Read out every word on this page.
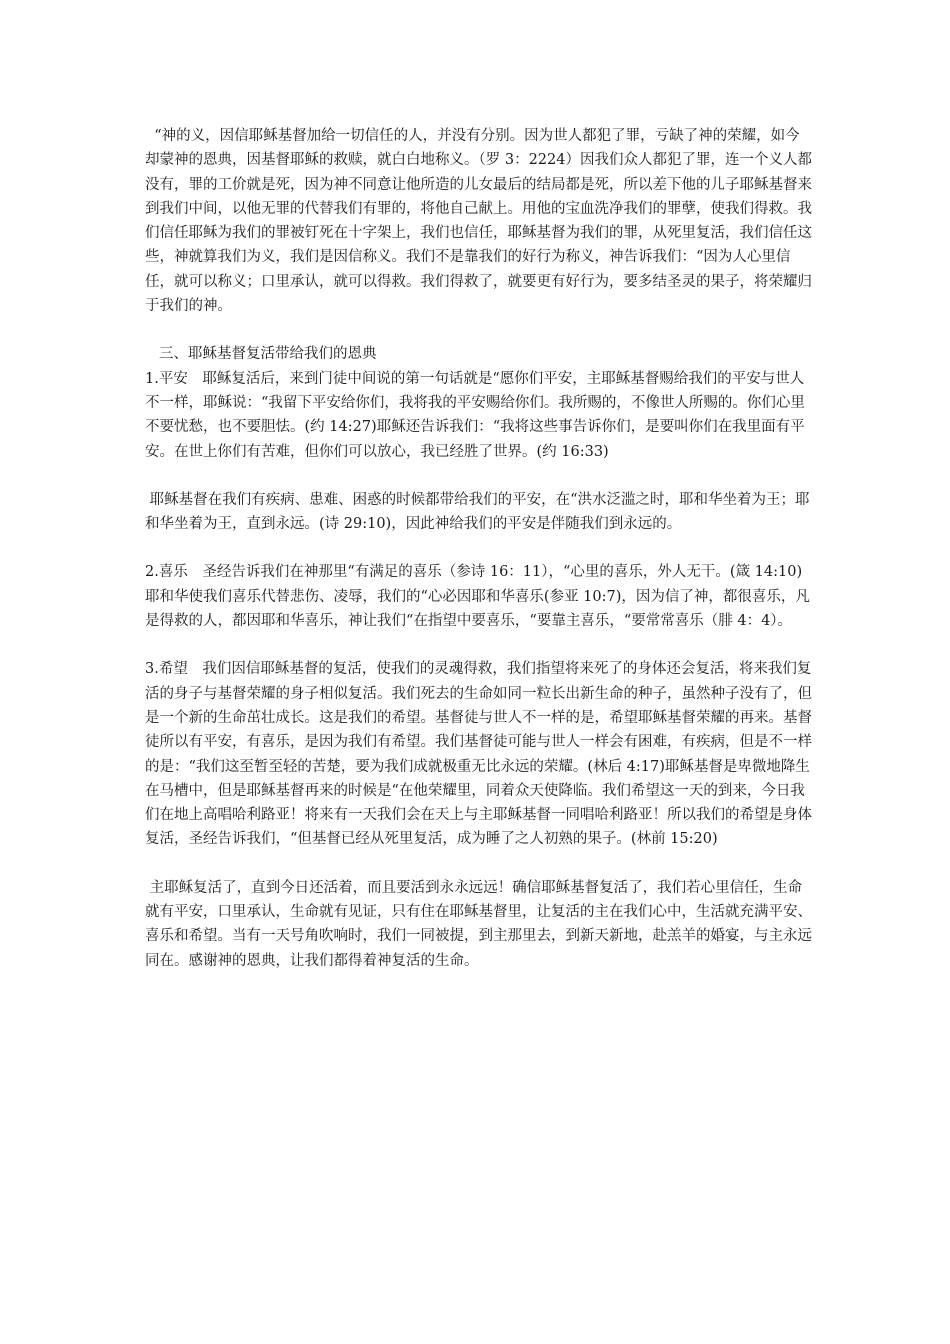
“神的义，因信耶稣基督加给一切信任的人，并没有分别。因为世人都犯了罪，亏缺了神的荣耀，如今却蒙神的恩典，因基督耶稣的救赎，就白白地称义。（罗 3：2224）因我们众人都犯了罪，连一个义人都没有，罪的工价就是死，因为神不同意让他所造的儿女最后的结局都是死，所以差下他的儿子耶稣基督来到我们中间，以他无罪的代替我们有罪的，将他自己献上。用他的宝血洗净我们的罪孽，使我们得救。我们信任耶稣为我们的罪被钉死在十字架上，我们也信任，耶稣基督为我们的罪，从死里复活，我们信任这些，神就算我们为义，我们是因信称义。我们不是靠我们的好行为称义，神告诉我们：“因为人心里信任，就可以称义；口里承认，就可以得救。我们得救了，就要更有好行为，要多结圣灵的果子，将荣耀归于我们的神。

三、耶稣基督复活带给我们的恩典

1.平安　耶稣复活后，来到门徒中间说的第一句话就是“愿你们平安，主耶稣基督赐给我们的平安与世人不一样，耶稣说：“我留下平安给你们，我将我的平安赐给你们。我所赐的，不像世人所赐的。你们心里不要忧愁，也不要胆怯。(约 14:27)耶稣还告诉我们：“我将这些事告诉你们，是要叫你们在我里面有平安。在世上你们有苦难，但你们可以放心，我已经胜了世界。(约 16:33)

耶稣基督在我们有疾病、患难、困惑的时候都带给我们的平安，在“洪水泛滥之时，耶和华坐着为王；耶和华坐着为王，直到永远。(诗 29:10)，因此神给我们的平安是伴随我们到永远的。

2.喜乐　圣经告诉我们在神那里“有满足的喜乐（参诗 16：11），“心里的喜乐，外人无干。(箴 14:10)耶和华使我们喜乐代替悲伤、凌辱，我们的“心必因耶和华喜乐(参亚 10:7)，因为信了神，都很喜乐，凡是得救的人，都因耶和华喜乐，神让我们“在指望中要喜乐，“要靠主喜乐，“要常常喜乐（腓 4：4）。

3.希望　我们因信耶稣基督的复活，使我们的灵魂得救，我们指望将来死了的身体还会复活，将来我们复活的身子与基督荣耀的身子相似复活。我们死去的生命如同一粒长出新生命的种子，虽然种子没有了，但是一个新的生命茁壮成长。这是我们的希望。基督徒与世人不一样的是，希望耶稣基督荣耀的再来。基督徒所以有平安，有喜乐，是因为我们有希望。我们基督徒可能与世人一样会有困难，有疾病，但是不一样的是：“我们这至暂至轻的苦楚，要为我们成就极重无比永远的荣耀。(林后 4:17)耶稣基督是卑微地降生在马槽中，但是耶稣基督再来的时候是“在他荣耀里，同着众天使降临。我们希望这一天的到来，今日我们在地上高唱哈利路亚！将来有一天我们会在天上与主耶稣基督一同唱哈利路亚！所以我们的希望是身体复活，圣经告诉我们，“但基督已经从死里复活，成为睡了之人初熟的果子。(林前 15:20)

主耶稣复活了，直到今日还活着，而且要活到永永远远！确信耶稣基督复活了，我们若心里信任，生命就有平安，口里承认，生命就有见证，只有住在耶稣基督里，让复活的主在我们心中，生活就充满平安、喜乐和希望。当有一天号角吹响时，我们一同被提，到主那里去，到新天新地，赴羔羊的婚宴，与主永远同在。感谢神的恩典，让我们都得着神复活的生命。
